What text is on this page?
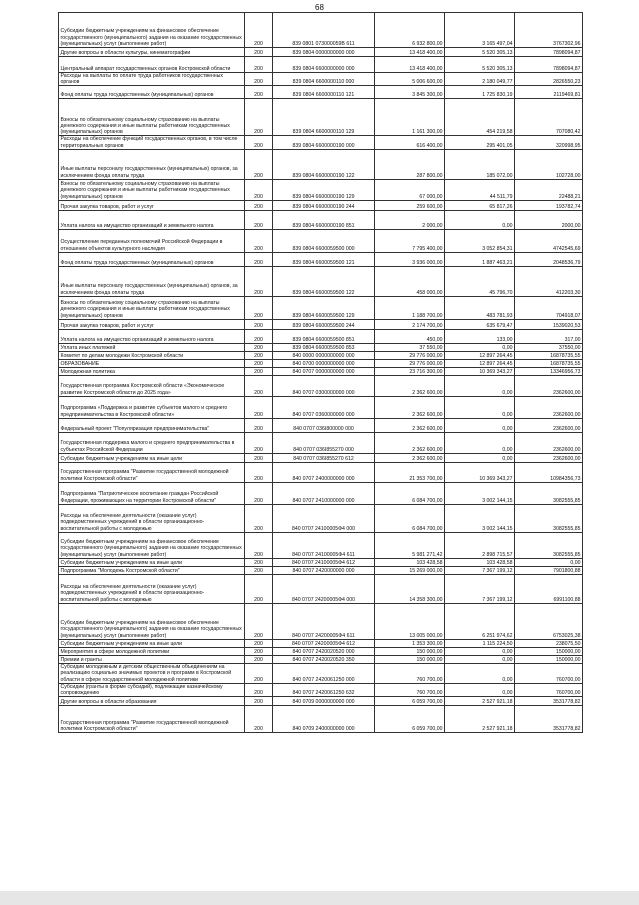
68
Субсидии бюджетным учреждениям на финансовое обеспечение государственного (муниципального) задания на оказание государственных (муниципальных) услуг (выполнение работ)	200	839 0801 073000059В 611	6 932 800,00	3 165 497,04	3767302,96
Другие вопросы в области культуры, кинематографии	200	839 0804 0000000000 000	13 418 400,00	5 520 305,13	7898094,87
Центральный аппарат государственных органов Костромской области	200	839 0804 6600000000 000	13 418 400,00	5 520 305,13	7898094,87
Расходы на выплаты по оплате труда работников государственных органов	200	839 0804 6600000110 000	5 006 600,00	2 180 049,77	2826550,23
Фонд оплаты труда государственных (муниципальных) органов	200	839 0804 6600000110 121	3 845 300,00	1 725 830,19	2119469,81
Взносы по обязательному социальному страхованию на выплаты денежного содержания и иные выплаты работникам государственных (муниципальных) органов	200	839 0804 6600000110 129	1 161 300,00	454 219,58	707080,42
Расходы на обеспечение функций государственных органов, в том числе территориальных органов	200	839 0804 6600000190 000	616 400,00	295 401,05	320998,95
Иные выплаты персоналу государственных (муниципальных) органов, за исключением фонда оплаты труда	200	839 0804 6600000190 122	287 800,00	185 072,00	102728,00
Взносы по обязательному социальному страхованию на выплаты денежного содержания и иные выплаты работникам государственных (муниципальных) органов	200	839 0804 6600000190 129	67 000,00	44 511,79	22488,21
Прочая закупка товаров, работ и услуг	200	839 0804 6600000190 244	259 600,00	65 817,26	193782,74
Уплата налога на имущество организаций и земельного налога	200	839 0804 6600000190 851	2 000,00	0,00	2000,00
Осуществление переданных полномочий Российской Федерации в отношении объектов культурного наследия	200	839 0804 6600059500 000	7 795 400,00	3 052 854,31	4742545,69
Фонд оплаты труда государственных (муниципальных) органов	200	839 0804 6600059500 121	3 936 000,00	1 887 463,21	2048536,79
Иные выплаты персоналу государственных (муниципальных) органов, за исключением фонда оплаты труда	200	839 0804 6600059500 122	458 000,00	45 796,70	412203,30
Взносы по обязательному социальному страхованию на выплаты денежного содержания и иные выплаты работникам государственных (муниципальных) органов	200	839 0804 6600059500 129	1 188 700,00	483 781,93	704918,07
Прочая закупка товаров, работ и услуг	200	839 0804 6600059500 244	2 174 700,00	635 679,47	1539020,53
Уплата налога на имущество организаций и земельного налога	200	839 0804 6600059500 851	450,00	133,00	317,00
Уплата иных платежей	200	839 0804 6600059500 853	37 550,00	0,00	37550,00
Комитет по делам молодежи Костромской области	200	840 0000 0000000000 000	29 776 000,00	12 897 264,45	16878735,55
ОБРАЗОВАНИЕ	200	840 0700 0000000000 000	29 776 000,00	12 897 264,45	16878735,55
Молодежная политика	200	840 0707 0000000000 000	23 716 300,00	10 369 343,27	13346956,73
Государственная программа Костромской области «Экономическое развитие Костромской области до 2025 года»	200	840 0707 0300000000 000	2 362 600,00	0,00	2362600,00
Подпрограмма «Поддержка и развитие субъектов малого и среднего предпринимательства в Костромской области»	200	840 0707 0360000000 000	2 362 600,00	0,00	2362600,00
Федеральный проект "Популяризация предпринимательства"	200	840 0707 036I800000 000	2 362 600,00	0,00	2362600,00
Государственная поддержка малого и среднего предпринимательства в субъектах Российской Федерации	200	840 0707 036I855270 000	2 362 600,00	0,00	2362600,00
Субсидии бюджетным учреждениям на иные цели	200	840 0707 036I855270 612	2 362 600,00	0,00	2362600,00
Государственная программа "Развитие государственной молодежной политики Костромской области"	200	840 0707 2400000000 000	21 353 700,00	10 369 343,27	10984356,73
Подпрограмма "Патриотическое воспитание граждан Российской Федерации, проживающих на территории Костромской области"	200	840 0707 2410000000 000	6 084 700,00	3 002 144,15	3082555,85
Расходы на обеспечение деятельности (оказание услуг) подведомственных учреждений в области организационно-воспитательной работы с молодежью	200	840 0707 24100005Ф4 000	6 084 700,00	3 002 144,15	3082555,85
Субсидии бюджетным учреждениям на финансовое обеспечение государственного (муниципального) задания на оказание государственных (муниципальных) услуг (выполнение работ)	200	840 0707 24100005Ф4 611	5 981 271,42	2 898 715,57	3082555,85
Субсидии бюджетным учреждениям на иные цели	200	840 0707 24100005Ф4 612	103 428,58	103 428,58	0,00
Подпрограмма "Молодежь Костромской области"	200	840 0707 2420000000 000	15 269 000,00	7 367 199,12	7901800,88
Расходы на обеспечение деятельности (оказание услуг) подведомственных учреждений в области организационно-воспитательной работы с молодежью	200	840 0707 24200005Ф4 000	14 358 300,00	7 367 199,12	6991100,88
Субсидии бюджетным учреждениям на финансовое обеспечение государственного (муниципального) задания на оказание государственных (муниципальных) услуг (выполнение работ)	200	840 0707 24200005Ф4 611	13 005 000,00	6 251 974,62	6753025,38
Субсидии бюджетным учреждениям на иные цели	200	840 0707 24200005Ф4 612	1 353 300,00	1 115 224,50	238075,50
Мероприятия в сфере молодежной политики	200	840 0707 2420020520 000	150 000,00	0,00	150000,00
Премии и гранты	200	840 0707 2420020520 350	150 000,00	0,00	150000,00
Субсидии молодежным и детским общественным объединениям на реализацию социально значимых проектов и программ в Костромской области в сфере государственной молодежной политики	200	840 0707 2420061250 000	760 700,00	0,00	760700,00
Субсидии (гранты в форме субсидий), подлежащие казначейскому сопровождению	200	840 0707 2420061250 632	760 700,00	0,00	760700,00
Другие вопросы в области образования	200	840 0709 0000000000 000	6 059 700,00	2 527 921,18	3531778,82
Государственная программа "Развитие государственной молодежной политики Костромской области"	200	840 0709 2400000000 000	6 059 700,00	2 527 921,18	3531778,82
